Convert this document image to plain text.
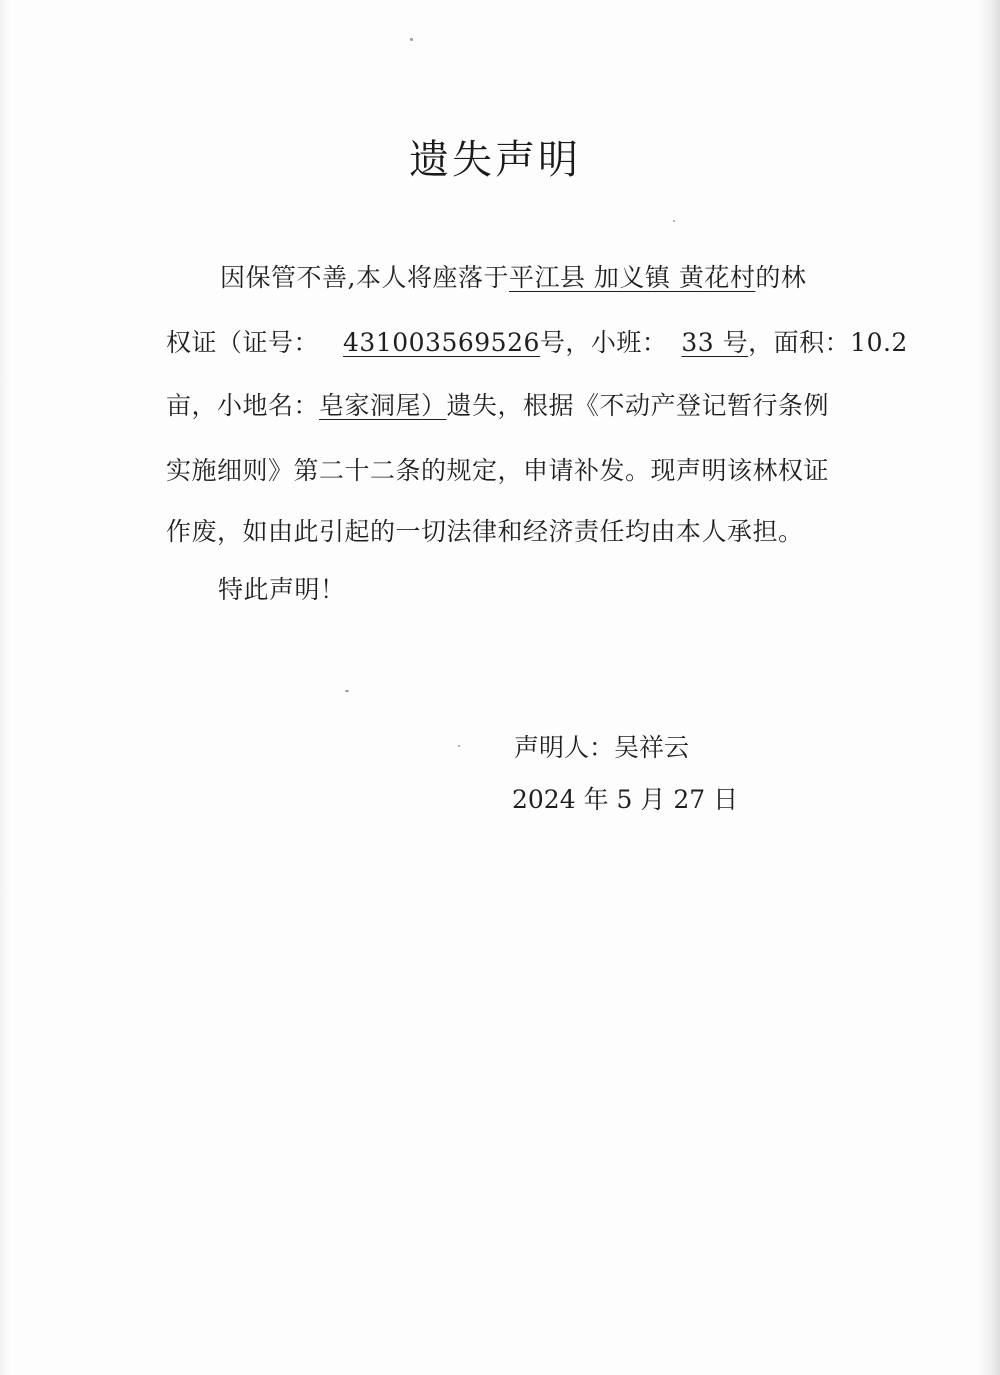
遗失声明
因保管不善,本人将座落于平江县 加义镇 黄花村的林
权证（证号： 431003569526号，小班： 33 号，面积：10.2
亩，小地名：皂家洞尾）遗失，根据《不动产登记暂行条例
实施细则》第二十二条的规定，申请补发。现声明该林权证
作废，如由此引起的一切法律和经济责任均由本人承担。
特此声明！
声明人：吴祥云
2024 年 5 月 27 日
